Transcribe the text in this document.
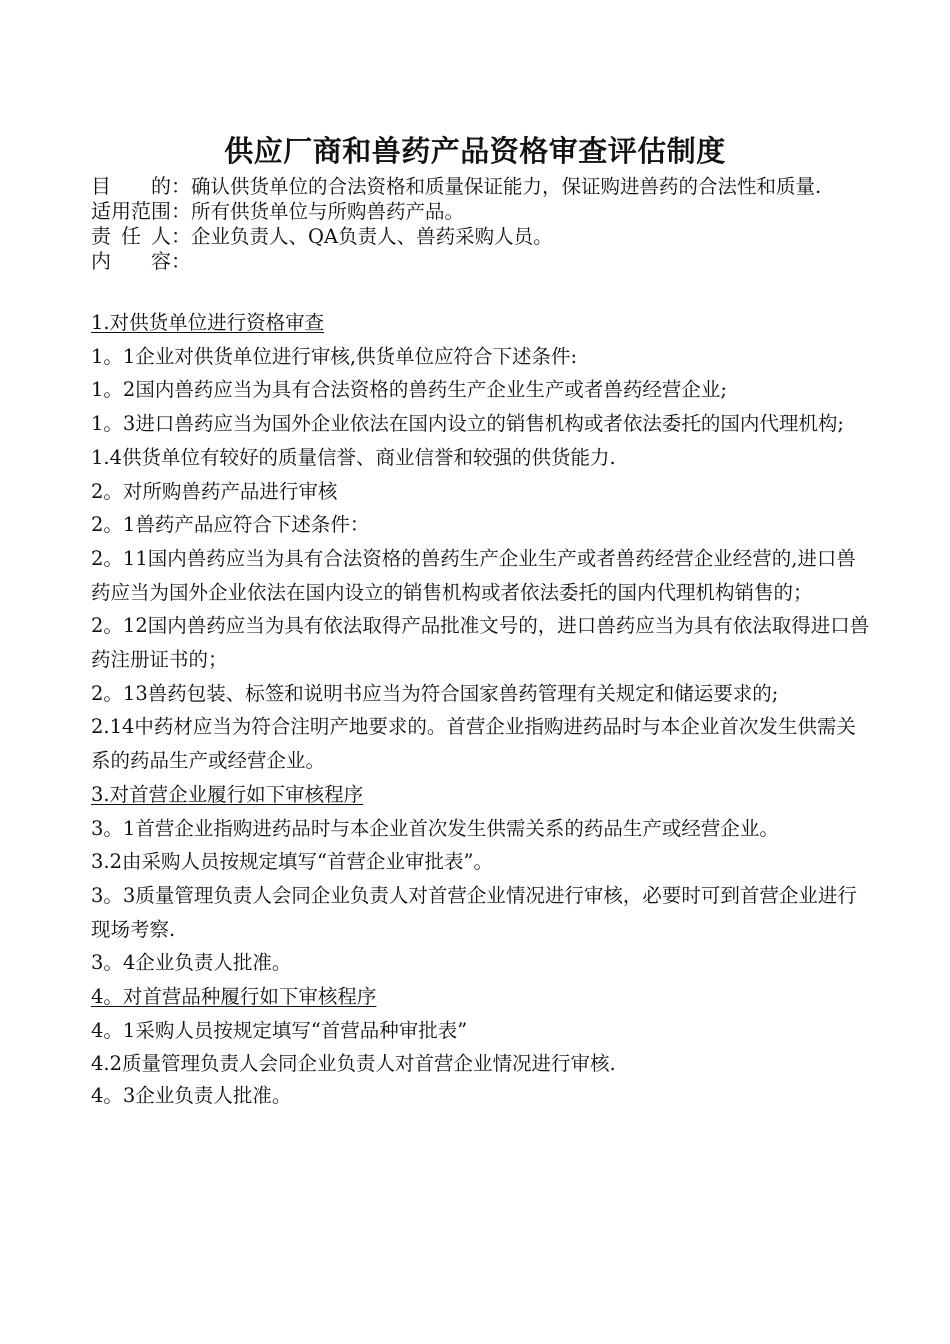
供应厂商和兽药产品资格审查评估制度
目 的： 确认供货单位的合法资格和质量保证能力，保证购进兽药的合法性和质量.
适用范围： 所有供货单位与所购兽药产品。
责 任 人： 企业负责人、QA负责人、兽药采购人员。
内 容：

1.对供货单位进行资格审查

1。1企业对供货单位进行审核,供货单位应符合下述条件:

1。2国内兽药应当为具有合法资格的兽药生产企业生产或者兽药经营企业;

1。3进口兽药应当为国外企业依法在国内设立的销售机构或者依法委托的国内代理机构;

1.4供货单位有较好的质量信誉、商业信誉和较强的供货能力.

2。对所购兽药产品进行审核

2。1兽药产品应符合下述条件：

2。11国内兽药应当为具有合法资格的兽药生产企业生产或者兽药经营企业经营的,进口兽药应当为国外企业依法在国内设立的销售机构或者依法委托的国内代理机构销售的；

2。12国内兽药应当为具有依法取得产品批准文号的，进口兽药应当为具有依法取得进口兽药注册证书的；

2。13兽药包装、标签和说明书应当为符合国家兽药管理有关规定和储运要求的;

2.14中药材应当为符合注明产地要求的。首营企业指购进药品时与本企业首次发生供需关系的药品生产或经营企业。

3.对首营企业履行如下审核程序

3。1首营企业指购进药品时与本企业首次发生供需关系的药品生产或经营企业。

3.2由采购人员按规定填写“首营企业审批表”。

3。3质量管理负责人会同企业负责人对首营企业情况进行审核，必要时可到首营企业进行现场考察.

3。4企业负责人批准。

4。对首营品种履行如下审核程序

4。1采购人员按规定填写“首营品种审批表”

4.2质量管理负责人会同企业负责人对首营企业情况进行审核.

4。3企业负责人批准。
